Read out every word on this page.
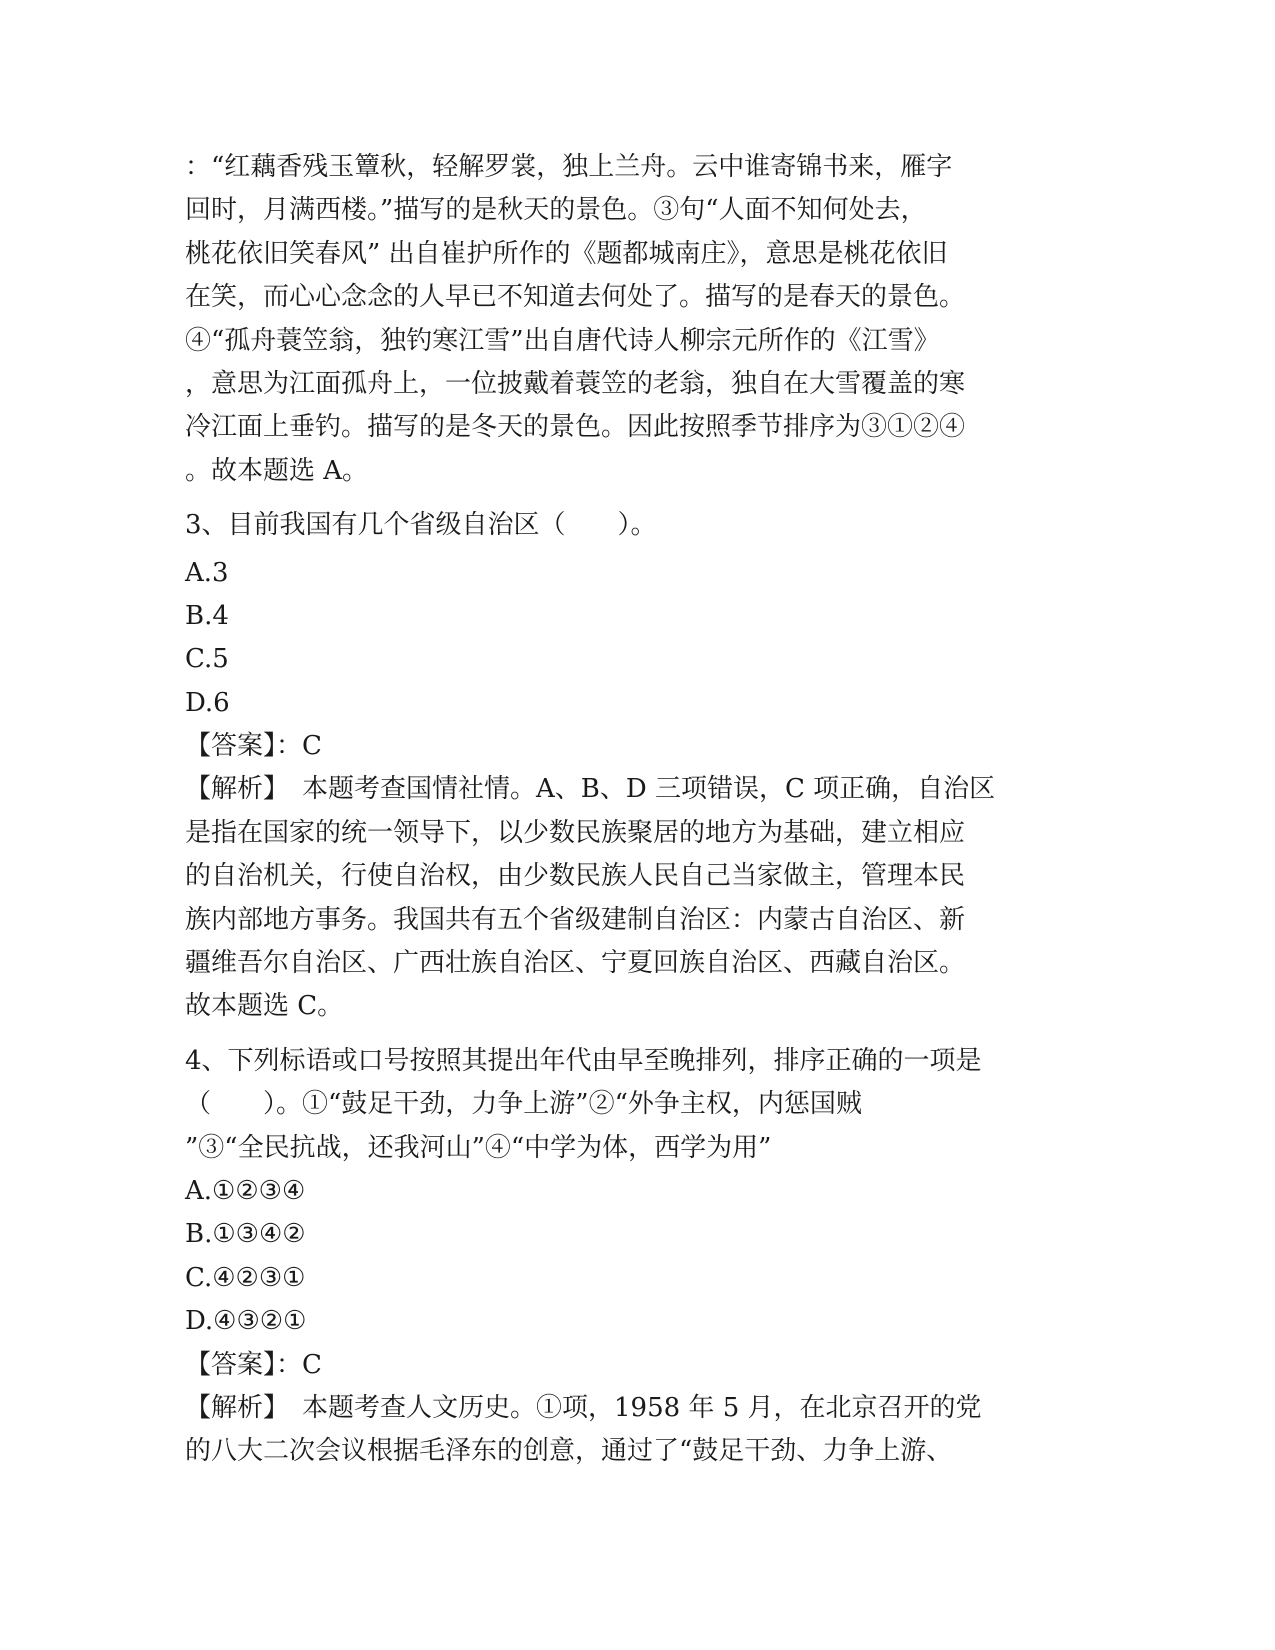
：“红藕香残玉簟秋，轻解罗裳，独上兰舟。云中谁寄锦书来，雁字
回时，月满西楼。”描写的是秋天的景色。③句“人面不知何处去，
桃花依旧笑春风” 出自崔护所作的《题都城南庄》，意思是桃花依旧
在笑，而心心念念的人早已不知道去何处了。描写的是春天的景色。
④“孤舟蓑笠翁，独钓寒江雪”出自唐代诗人柳宗元所作的《江雪》
，意思为江面孤舟上，一位披戴着蓑笠的老翁，独自在大雪覆盖的寒
冷江面上垂钓。描写的是冬天的景色。因此按照季节排序为③①②④
。故本题选 A。
3、目前我国有几个省级自治区（　　）。
A.3
B.4
C.5
D.6
【答案】：C
【解析】　本题考查国情社情。A、B、D 三项错误，C 项正确，自治区
是指在国家的统一领导下，以少数民族聚居的地方为基础，建立相应
的自治机关，行使自治权，由少数民族人民自己当家做主，管理本民
族内部地方事务。我国共有五个省级建制自治区：内蒙古自治区、新
疆维吾尔自治区、广西壮族自治区、宁夏回族自治区、西藏自治区。
故本题选 C。
4、下列标语或口号按照其提出年代由早至晚排列，排序正确的一项是
（　　）。①“鼓足干劲，力争上游”②“外争主权，内惩国贼
”③“全民抗战，还我河山”④“中学为体，西学为用”
A.①②③④
B.①③④②
C.④②③①
D.④③②①
【答案】：C
【解析】　本题考查人文历史。①项，1958 年 5 月，在北京召开的党
的八大二次会议根据毛泽东的创意，通过了“鼓足干劲、力争上游、
